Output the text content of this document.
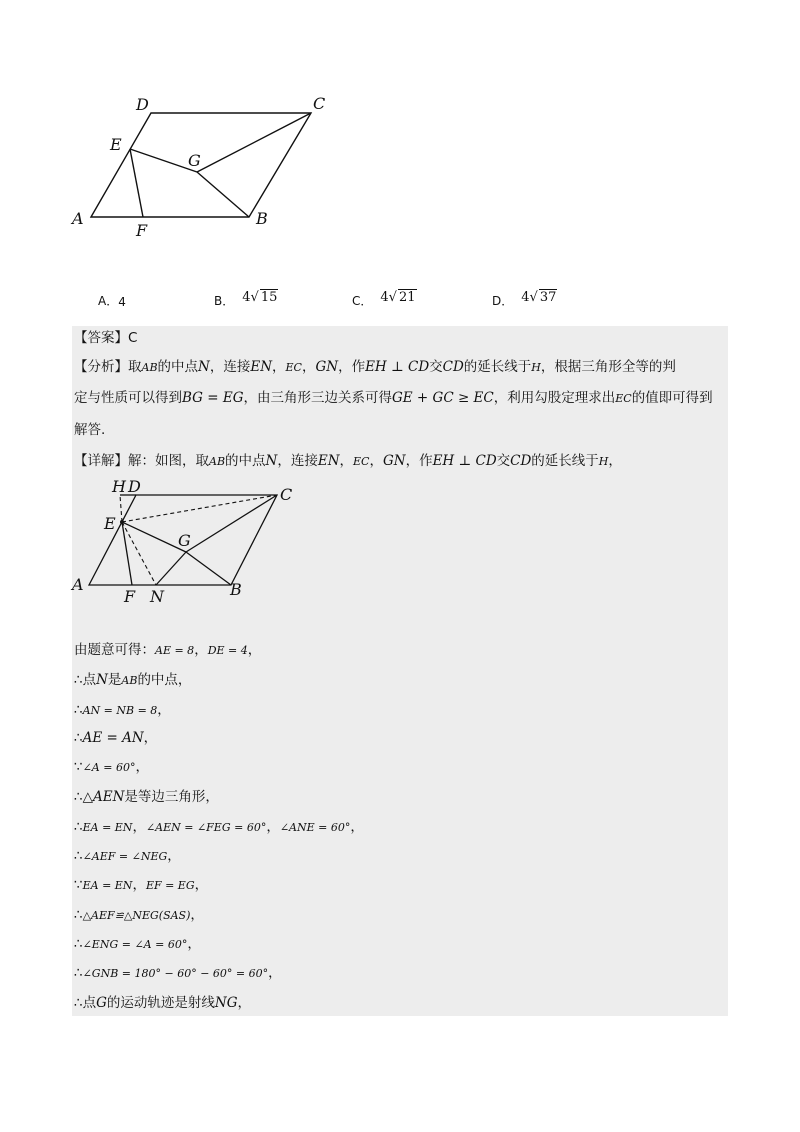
D	C
E
G
A	B
F
A．4	B． 4√ 15	C． 4√ 21	D． 4√ 37
【答案】C
【分析】取AB的中点N，连接EN，EC，GN，作EH ⊥ CD交CD的延长线于H，根据三角形全等的判
定与性质可以得到BG = EG，由三角形三边关系可得GE + GC ≥ EC，利用勾股定理求出EC的值即可得到
解答.
【详解】解：如图，取AB的中点N，连接EN，EC，GN，作EH ⊥ CD交CD的延长线于H，
H D	C
E
G
A
F N	B
由题意可得：AE = 8，DE = 4，
∴点N是AB的中点，
∴AN = NB = 8，
∴AE = AN，
∵∠A = 60°，
∴△AEN是等边三角形，
∴EA = EN，∠AEN = ∠FEG = 60°，∠ANE = 60°，
∴∠AEF = ∠NEG，
∵EA = EN，EF = EG，
∴△AEF≌△NEG(SAS)，
∴∠ENG = ∠A = 60°，
∴∠GNB = 180° − 60° − 60° = 60°，
∴点G的运动轨迹是射线NG，
